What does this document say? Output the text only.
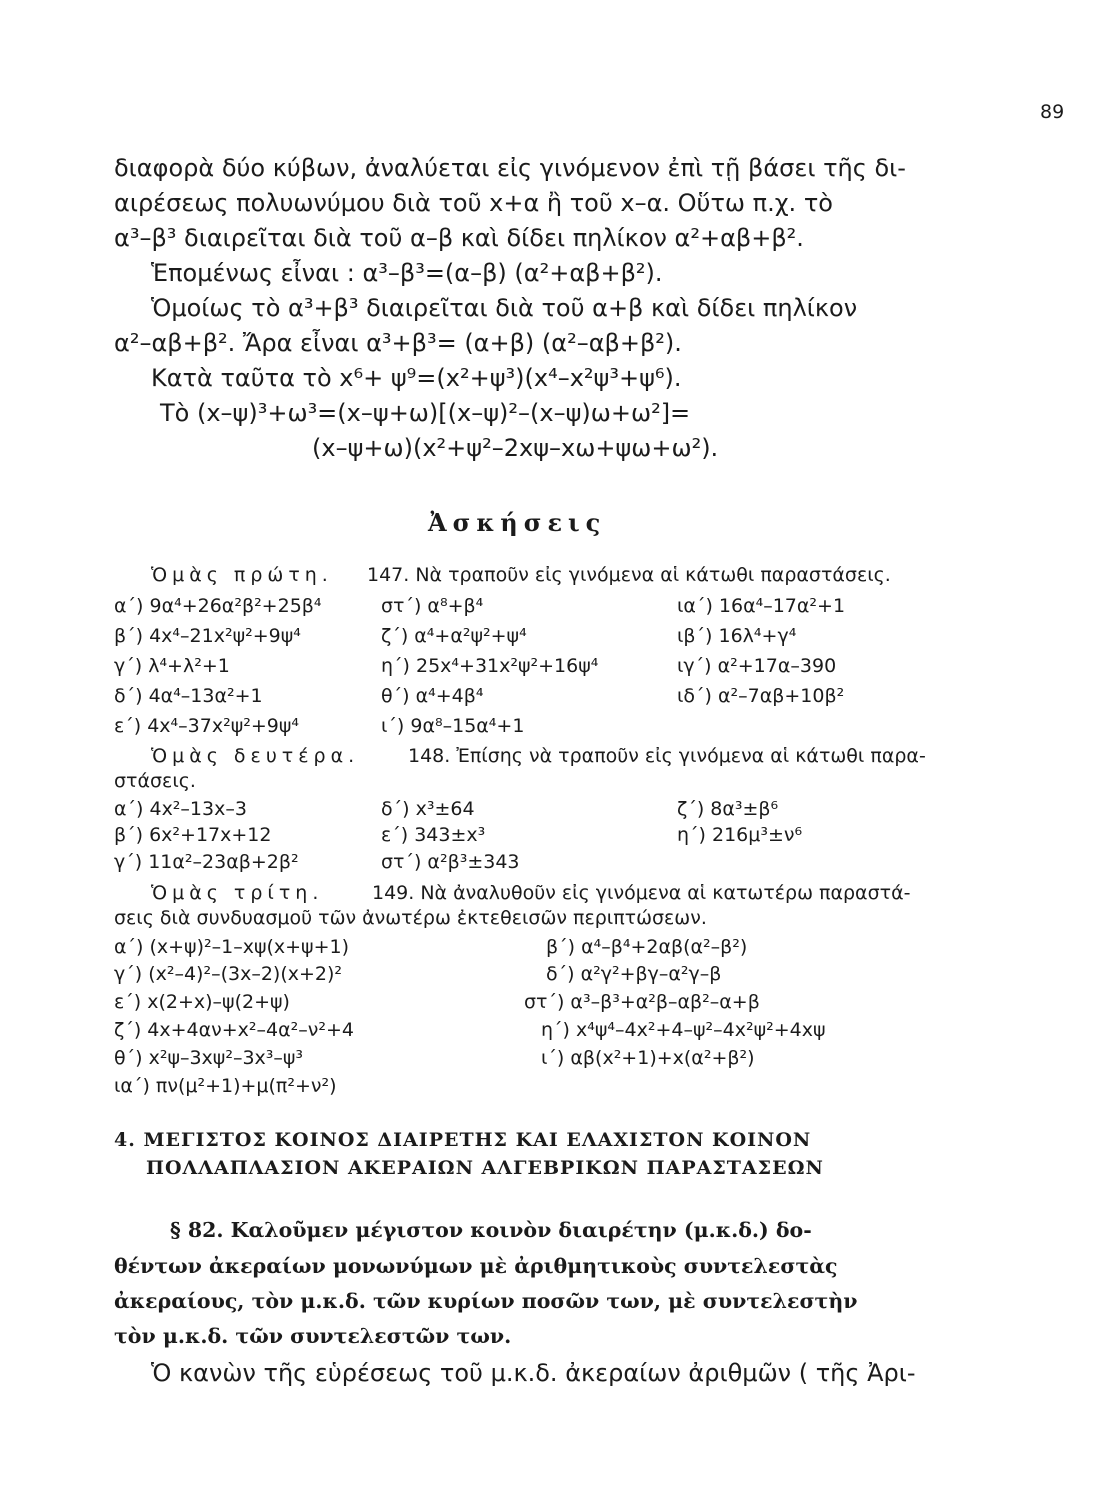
89
διαφορὰ δύο κύβων, ἀναλύεται εἰς γινόμενον ἐπὶ τῇ βάσει τῆς δι-
αιρέσεως πολυωνύμου διὰ τοῦ x+α ἢ τοῦ x–α. Οὕτω π.χ. τὸ
α³–β³ διαιρεῖται διὰ τοῦ α–β καὶ δίδει πηλίκον α²+αβ+β².
Ἑπομένως εἶναι : α³–β³=(α–β) (α²+αβ+β²).
Ὁμοίως τὸ α³+β³ διαιρεῖται διὰ τοῦ α+β καὶ δίδει πηλίκον
α²–αβ+β². Ἄρα εἶναι α³+β³= (α+β) (α²–αβ+β²).
Κατὰ ταῦτα τὸ x⁶+ ψ⁹=(x²+ψ³)(x⁴–x²ψ³+ψ⁶).
Τὸ (x–ψ)³+ω³=(x–ψ+ω)[(x–ψ)²–(x–ψ)ω+ω²]=
(x–ψ+ω)(x²+ψ²–2xψ–xω+ψω+ω²).
Ἀσκήσεις
Ὁμὰς πρώτη. 147. Νὰ τραποῦν εἰς γινόμενα αἱ κάτωθι παραστάσεις.
α΄) 9α⁴+26α²β²+25β⁴
β΄) 4x⁴–21x²ψ²+9ψ⁴
γ΄) λ⁴+λ²+1
δ΄) 4α⁴–13α²+1
ε΄) 4x⁴–37x²ψ²+9ψ⁴
στ΄) α⁸+β⁴
ζ΄) α⁴+α²ψ²+ψ⁴
η΄) 25x⁴+31x²ψ²+16ψ⁴
θ΄) α⁴+4β⁴
ι΄) 9α⁸–15α⁴+1
ια΄) 16α⁴–17α²+1
ιβ΄) 16λ⁴+γ⁴
ιγ΄) α²+17α–390
ιδ΄) α²–7αβ+10β²
Ὁμὰς δευτέρα.	148. Ἐπίσης νὰ τραποῦν εἰς γινόμενα αἱ κάτωθι παρα-
στάσεις.
α΄) 4x²–13x–3
β΄) 6x²+17x+12
γ΄) 11α²–23αβ+2β²
δ΄) x³±64
ε΄) 343±x³
στ΄) α²β³±343
ζ΄) 8α³±β⁶
η΄) 216μ³±ν⁶
Ὁμὰς τρίτη.	149. Νὰ ἀναλυθοῦν εἰς γινόμενα αἱ κατωτέρω παραστά-
σεις διὰ συνδυασμοῦ τῶν ἀνωτέρω ἐκτεθεισῶν περιπτώσεων.
α΄) (x+ψ)²–1–xψ(x+ψ+1)
γ΄) (x²–4)²–(3x–2)(x+2)²
ε΄) x(2+x)–ψ(2+ψ)
ζ΄) 4x+4αν+x²–4α²–ν²+4
θ΄) x²ψ–3xψ²–3x³–ψ³
ια΄) πν(μ²+1)+μ(π²+ν²)
β΄) α⁴–β⁴+2αβ(α²–β²)
δ΄) α²γ²+βγ–α²γ–β
στ΄) α³–β³+α²β–αβ²–α+β
η΄) x⁴ψ⁴–4x²+4–ψ²–4x²ψ²+4xψ
ι΄) αβ(x²+1)+x(α²+β²)
4. ΜΕΓΙΣΤΟΣ ΚΟΙΝΟΣ ΔΙΑΙΡΕΤΗΣ ΚΑΙ ΕΛΑΧΙΣΤΟΝ ΚΟΙΝΟΝ
ΠΟΛΛΑΠΛΑΣΙΟΝ ΑΚΕΡΑΙΩΝ ΑΛΓΕΒΡΙΚΩΝ ΠΑΡΑΣΤΑΣΕΩΝ
§ 82. Καλοῦμεν μέγιστον κοινὸν διαιρέτην (μ.κ.δ.) δο-
θέντων ἀκεραίων μονωνύμων μὲ ἀριθμητικοὺς συντελεστὰς
ἀκεραίους, τὸν μ.κ.δ. τῶν κυρίων ποσῶν των, μὲ συντελεστὴν
τὸν μ.κ.δ. τῶν συντελεστῶν των.
Ὁ κανὼν τῆς εὑρέσεως τοῦ μ.κ.δ. ἀκεραίων ἀριθμῶν ( τῆς Ἀρι-
